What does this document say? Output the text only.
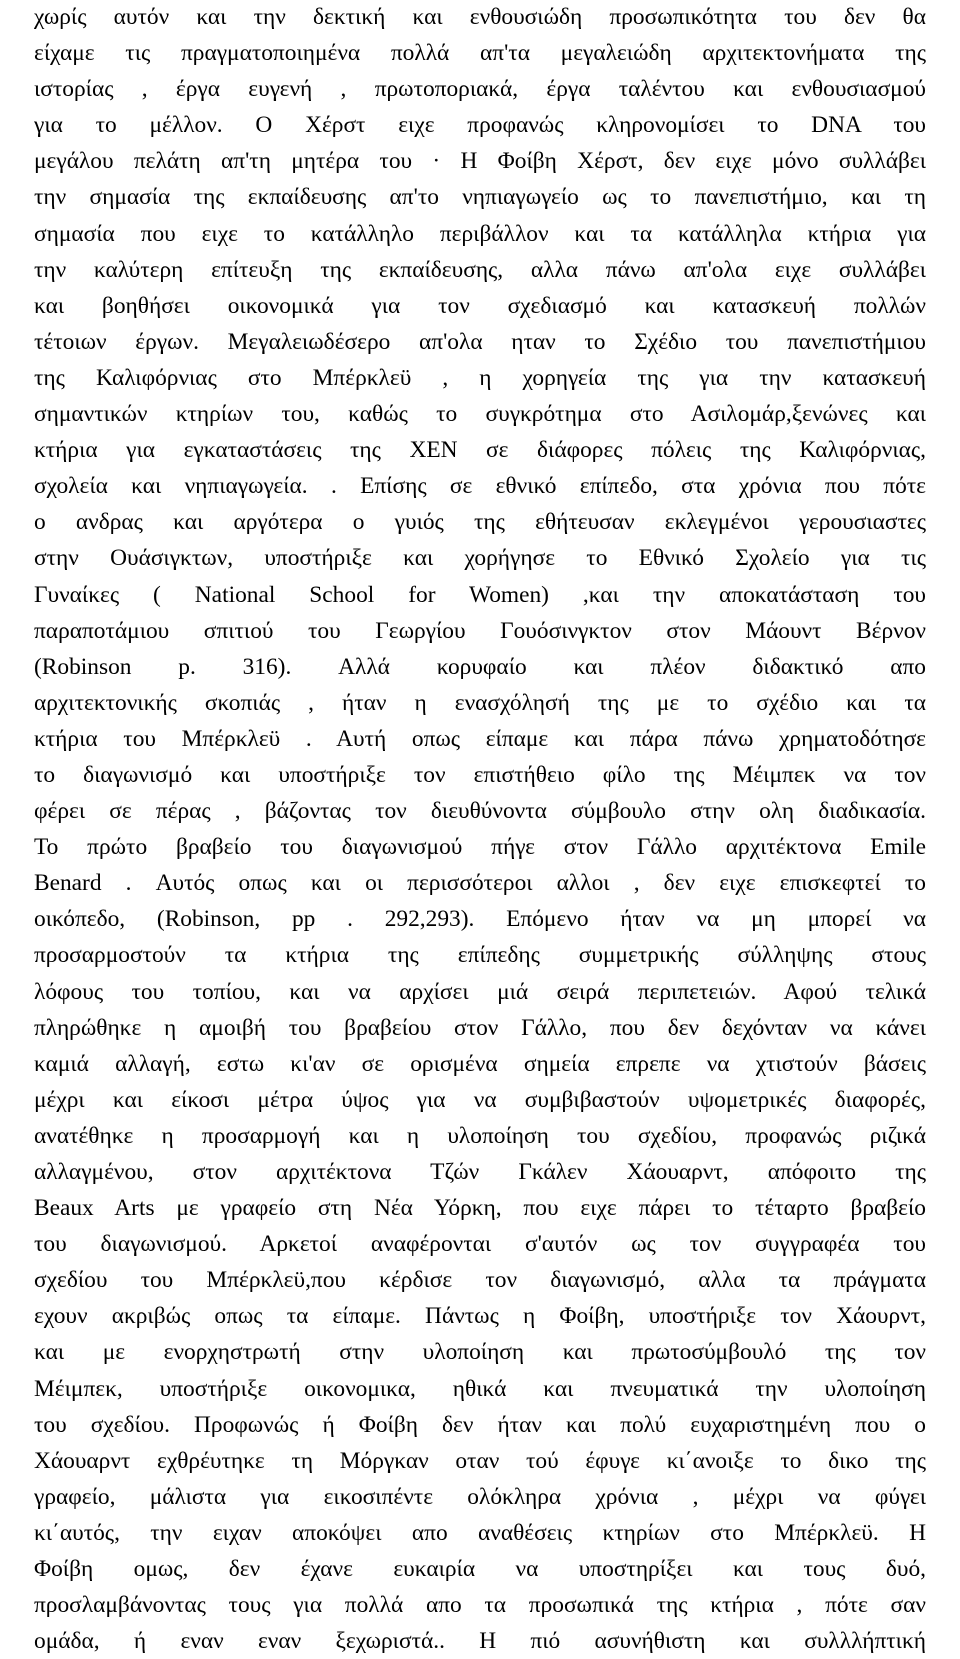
χωρίς αυτόν και την δεκτική και ενθουσιώδη προσωπικότητα του δεν θα
είχαμε τις πραγματοποιημένα πολλά απ'τα μεγαλειώδη αρχιτεκτονήματα της
ιστορίας , έργα ευγενή , πρωτοποριακά, έργα ταλέντου και ενθουσιασμού
για το μέλλον. Ο Χέρστ ειχε προφανώς κληρονομίσει το DNA του
μεγάλου πελάτη απ'τη μητέρα του · Η Φοίβη Χέρστ, δεν ειχε μόνο συλλάβει
την σημασία της εκπαίδευσης απ'το νηπιαγωγείο ως το πανεπιστήμιο, και τη
σημασία που ειχε το κατάλληλο περιβάλλον και τα κατάλληλα κτήρια για
την καλύτερη επίτευξη της εκπαίδευσης, αλλα πάνω απ'ολα ειχε συλλάβει
και βοηθήσει οικονομικά για τον σχεδιασμό και κατασκευή πολλών
τέτοιων έργων. Μεγαλειωδέσερο απ'ολα ηταν το Σχέδιο του πανεπιστήμιου
της Καλιφόρνιας στο Μπέρκλεϋ , η χορηγεία της για την κατασκευή
σημαντικών κτηρίων του, καθώς το συγκρότημα στο Ασιλομάρ,ξενώνες και
κτήρια για εγκαταστάσεις της ΧΕΝ σε διάφορες πόλεις της Καλιφόρνιας,
σχολεία και νηπιαγωγεία. . Επίσης σε εθνικό επίπεδο, στα χρόνια που πότε
ο ανδρας και αργότερα ο γυιός της εθήτευσαν εκλεγμένοι γερουσιαστες
στην Ουάσιγκτων, υποστήριξε και χορήγησε το Εθνικό Σχολείο για τις
Γυναίκες ( National School for Women) ,και την αποκατάσταση του
παραποτάμιου σπιτιού του Γεωργίου Γουόσινγκτον στον Μάουντ Βέρνον
(Robinson p. 316). Αλλά κορυφαίο και πλέον διδακτικό απο
αρχιτεκτονικής σκοπιάς , ήταν η ενασχόλησή της με το σχέδιο και τα
κτήρια του Μπέρκλεϋ . Αυτή οπως είπαμε και πάρα πάνω χρηματοδότησε
το διαγωνισμό και υποστήριξε τον επιστήθειο φίλο της Μέιμπεκ να τον
φέρει σε πέρας , βάζοντας τον διευθύνοντα σύμβουλο στην ολη διαδικασία.
Το πρώτο βραβείο του διαγωνισμού πήγε στον Γάλλο αρχιτέκτονα Emile
Benard . Αυτός οπως και οι περισσότεροι αλλοι , δεν ειχε επισκεφτεί το
οικόπεδο, (Robinson, pp . 292,293). Επόμενο ήταν να μη μπορεί να
προσαρμοστούν τα κτήρια της επίπεδης συμμετρικής σύλληψης στους
λόφους του τοπίου, και να αρχίσει μιά σειρά περιπετειών. Αφού τελικά
πληρώθηκε η αμοιβή του βραβείου στον Γάλλο, που δεν δεχόνταν να κάνει
καμιά αλλαγή, εστω κι'αν σε ορισμένα σημεία επρεπε να χτιστούν βάσεις
μέχρι και είκοσι μέτρα ύψος για να συμβιβαστούν υψομετρικές διαφορές,
ανατέθηκε η προσαρμογή και η υλοποίηση του σχεδίου, προφανώς ριζικά
αλλαγμένου, στον αρχιτέκτονα Τζών Γκάλεν Χάουαρντ, απόφοιτο της
Beaux Arts με γραφείο στη Νέα Υόρκη, που ειχε πάρει το τέταρτο βραβείο
του διαγωνισμού. Αρκετοί αναφέρονται σ'αυτόν ως τον συγγραφέα του
σχεδίου του Μπέρκλεϋ,που κέρδισε τον διαγωνισμό, αλλα τα πράγματα
εχουν ακριβώς οπως τα είπαμε. Πάντως η Φοίβη, υποστήριξε τον Χάουρντ,
και με ενορχηστρωτή στην υλοποίηση και πρωτοσύμβουλό της τον
Μέιμπεκ, υποστήριξε οικονομικα, ηθικά και πνευματικά την υλοποίηση
του σχεδίου. Προφωνώς ή Φοίβη δεν ήταν και πολύ ευχαριστημένη που ο
Χάουαρντ εχθρέυτηκε τη Μόργκαν οταν τού έφυγε κι΄ανοιξε το δικο της
γραφείο, μάλιστα για εικοσιπέντε ολόκληρα χρόνια , μέχρι να φύγει
κι΄αυτός, την ειχαν αποκόψει απο αναθέσεις κτηρίων στο Μπέρκλεϋ. Η
Φοίβη ομως, δεν έχανε ευκαιρία να υποστηρίξει και τους δυό,
προσλαμβάνοντας τους για πολλά απο τα προσωπικά της κτήρια , πότε σαν
ομάδα, ή εναν εναν ξεχωριστά.. Η πιό ασυνήθιστη και συλλλήπτική
